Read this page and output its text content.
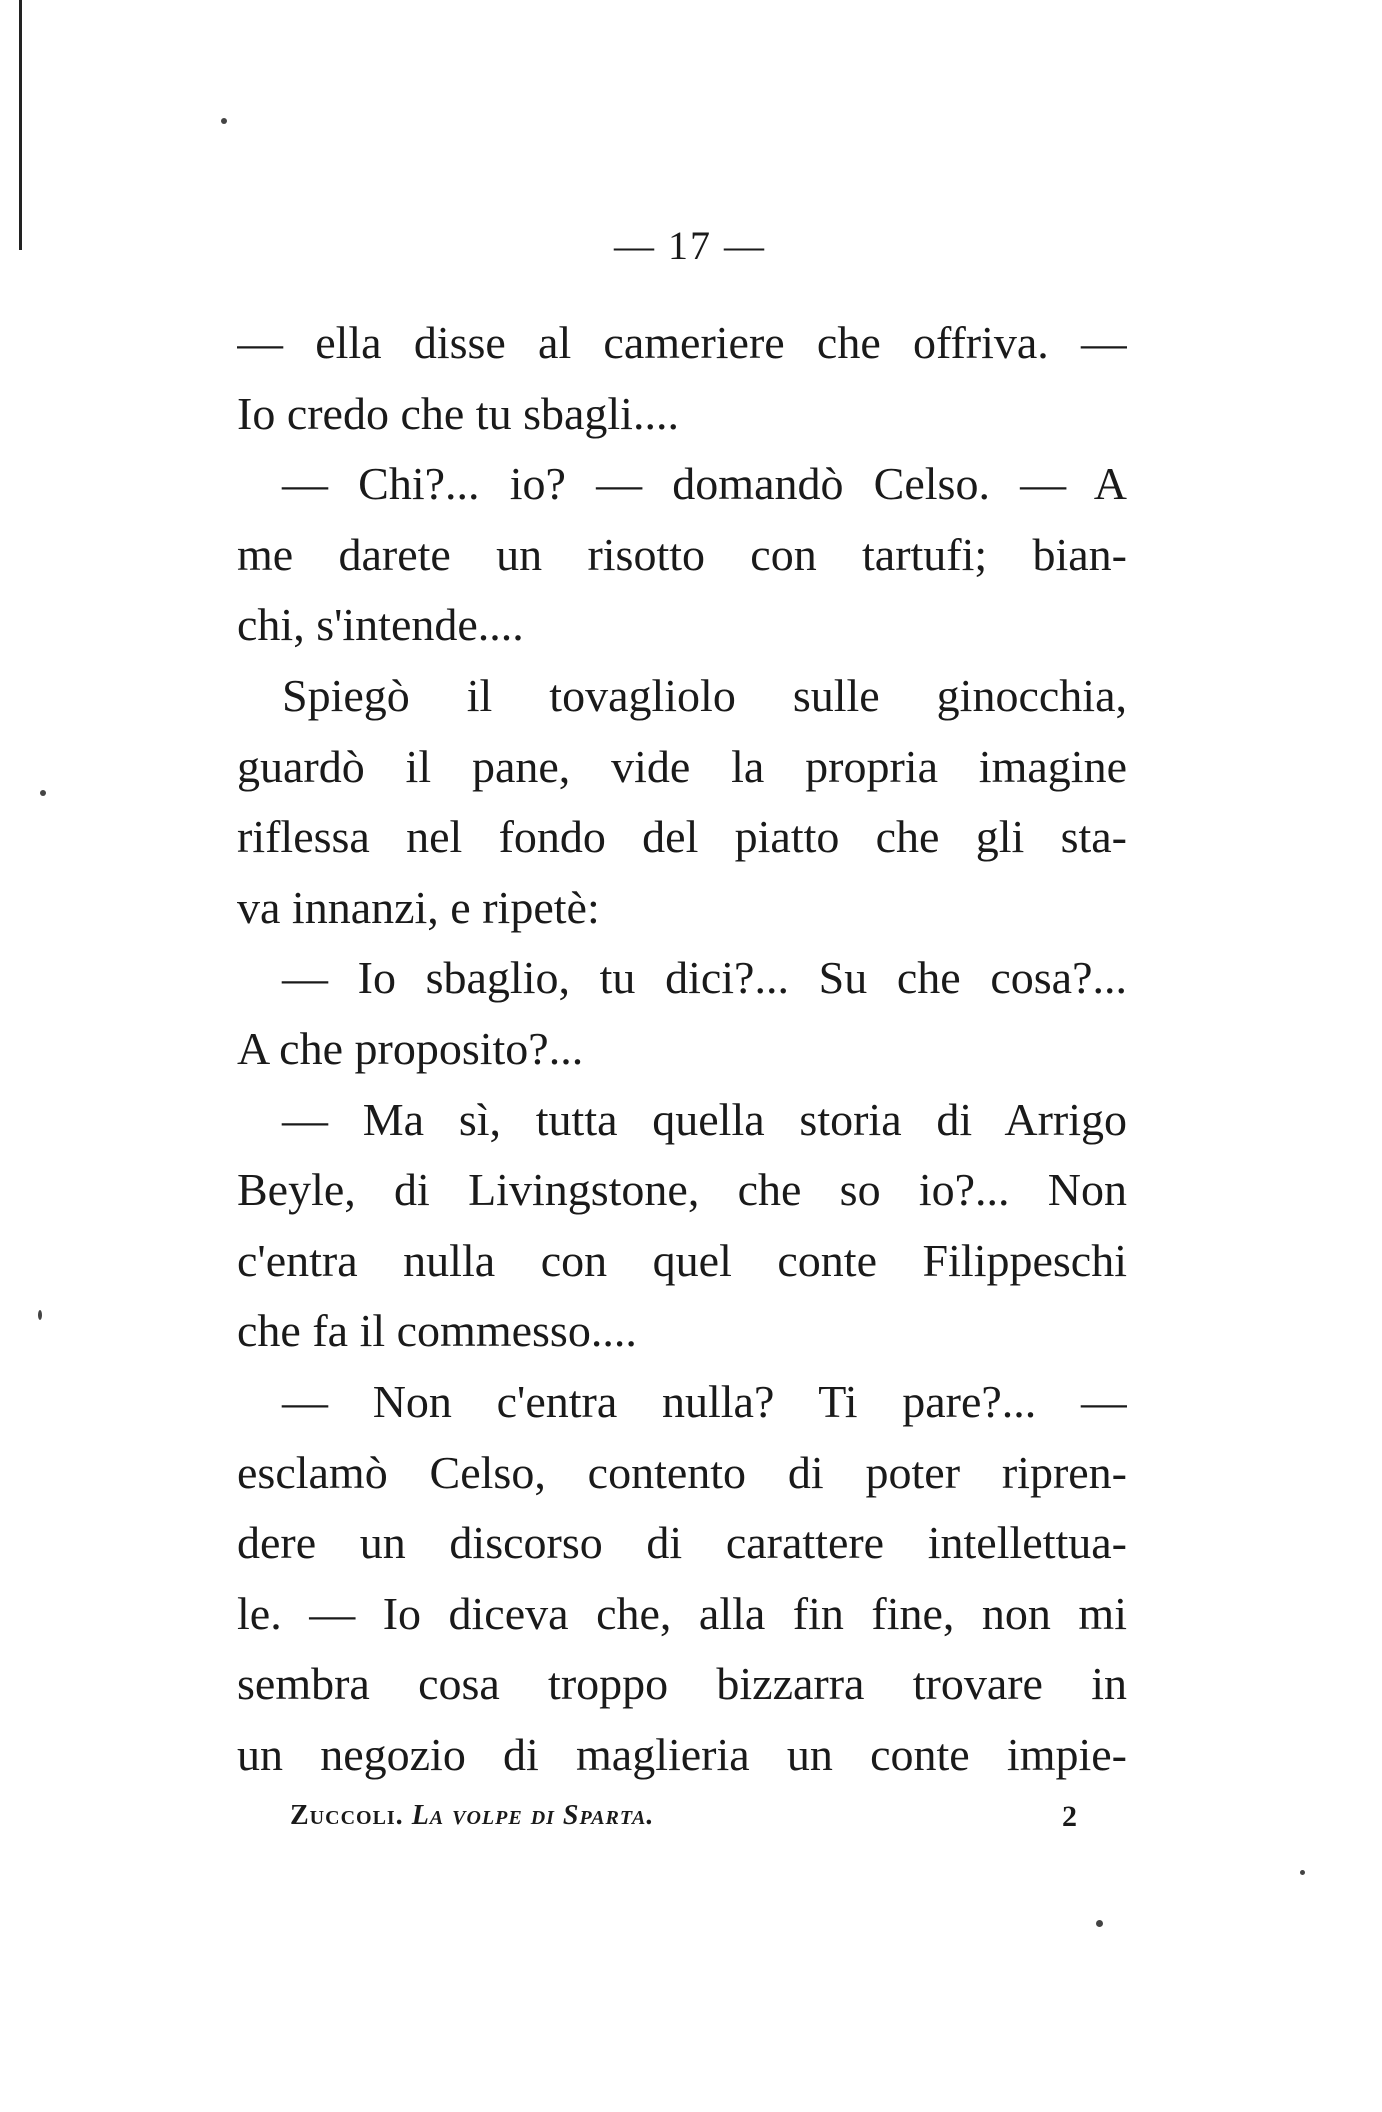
— 17 —
— ella disse al cameriere che offriva. —
Io credo che tu sbagli....
— Chi?... io? — domandò Celso. — A
me darete un risotto con tartufi; bian-
chi, s'intende....
Spiegò il tovagliolo sulle ginocchia,
guardò il pane, vide la propria imagine
riflessa nel fondo del piatto che gli sta-
va innanzi, e ripetè:
— Io sbaglio, tu dici?... Su che cosa?...
A che proposito?...
— Ma sì, tutta quella storia di Arrigo
Beyle, di Livingstone, che so io?... Non
c'entra nulla con quel conte Filippeschi
che fa il commesso....
— Non c'entra nulla? Ti pare?... —
esclamò Celso, contento di poter ripren-
dere un discorso di carattere intellettua-
le. — Io diceva che, alla fin fine, non mi
sembra cosa troppo bizzarra trovare in
un negozio di maglieria un conte impie-
Zuccoli. La volpe di Sparta.	2
